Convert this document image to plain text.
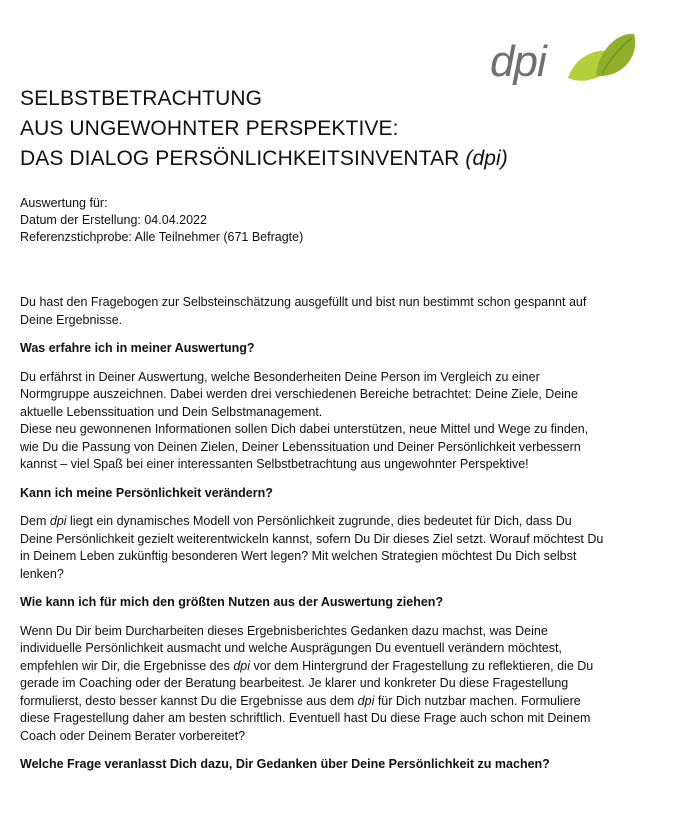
dpi
SELBSTBETRACHTUNG
AUS UNGEWOHNTER PERSPEKTIVE:
DAS DIALOG PERSÖNLICHKEITSINVENTAR (dpi)
Auswertung für:
Datum der Erstellung: 04.04.2022
Referenzstichprobe: Alle Teilnehmer (671 Befragte)

Du hast den Fragebogen zur Selbsteinschätzung ausgefüllt und bist nun bestimmt schon gespannt auf
Deine Ergebnisse.

Was erfahre ich in meiner Auswertung?

Du erfährst in Deiner Auswertung, welche Besonderheiten Deine Person im Vergleich zu einer
Normgruppe auszeichnen. Dabei werden drei verschiedenen Bereiche betrachtet: Deine Ziele, Deine
aktuelle Lebenssituation und Dein Selbstmanagement.
Diese neu gewonnenen Informationen sollen Dich dabei unterstützen, neue Mittel und Wege zu finden,
wie Du die Passung von Deinen Zielen, Deiner Lebenssituation und Deiner Persönlichkeit verbessern
kannst – viel Spaß bei einer interessanten Selbstbetrachtung aus ungewohnter Perspektive!

Kann ich meine Persönlichkeit verändern?

Dem dpi liegt ein dynamisches Modell von Persönlichkeit zugrunde, dies bedeutet für Dich, dass Du
Deine Persönlichkeit gezielt weiterentwickeln kannst, sofern Du Dir dieses Ziel setzt. Worauf möchtest Du
in Deinem Leben zukünftig besonderen Wert legen? Mit welchen Strategien möchtest Du Dich selbst
lenken?

Wie kann ich für mich den größten Nutzen aus der Auswertung ziehen?

Wenn Du Dir beim Durcharbeiten dieses Ergebnisberichtes Gedanken dazu machst, was Deine
individuelle Persönlichkeit ausmacht und welche Ausprägungen Du eventuell verändern möchtest,
empfehlen wir Dir, die Ergebnisse des dpi vor dem Hintergrund der Fragestellung zu reflektieren, die Du
gerade im Coaching oder der Beratung bearbeitest. Je klarer und konkreter Du diese Fragestellung
formulierst, desto besser kannst Du die Ergebnisse aus dem dpi für Dich nutzbar machen. Formuliere
diese Fragestellung daher am besten schriftlich. Eventuell hast Du diese Frage auch schon mit Deinem
Coach oder Deinem Berater vorbereitet?

Welche Frage veranlasst Dich dazu, Dir Gedanken über Deine Persönlichkeit zu machen?
